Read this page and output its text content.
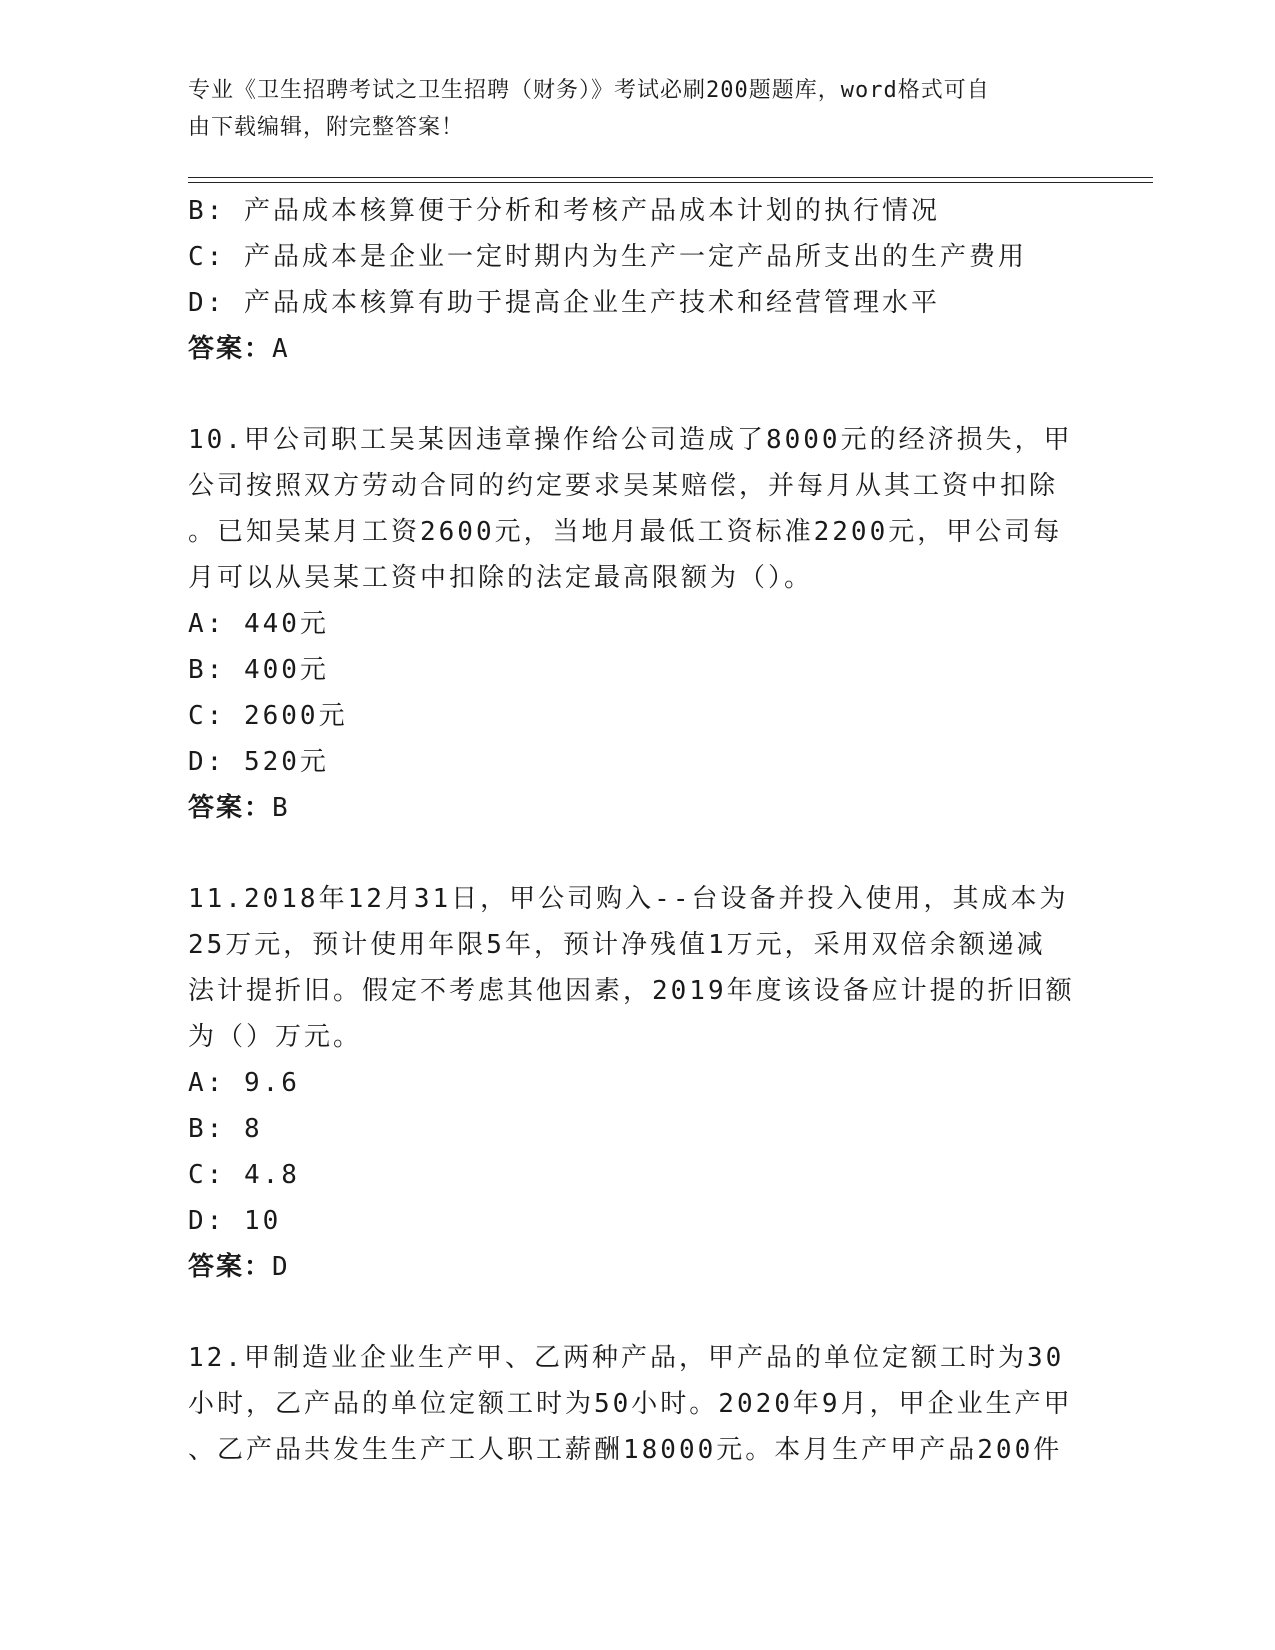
专业《卫生招聘考试之卫生招聘（财务）》考试必刷200题题库，word格式可自
由下载编辑，附完整答案！
B: 产品成本核算便于分析和考核产品成本计划的执行情况
C: 产品成本是企业一定时期内为生产一定产品所支出的生产费用
D: 产品成本核算有助于提高企业生产技术和经营管理水平
答案：A
10.甲公司职工吴某因违章操作给公司造成了8000元的经济损失，甲
公司按照双方劳动合同的约定要求吴某赔偿，并每月从其工资中扣除
。已知吴某月工资2600元，当地月最低工资标准2200元，甲公司每
月可以从吴某工资中扣除的法定最高限额为（）。
A: 440元
B: 400元
C: 2600元
D: 520元
答案：B
11.2018年12月31日，甲公司购入--台设备并投入使用，其成本为
25万元，预计使用年限5年，预计净残值1万元，采用双倍余额递减
法计提折旧。假定不考虑其他因素，2019年度该设备应计提的折旧额
为（）万元。
A: 9.6
B: 8
C: 4.8
D: 10
答案：D
12.甲制造业企业生产甲、乙两种产品，甲产品的单位定额工时为30
小时，乙产品的单位定额工时为50小时。2020年9月，甲企业生产甲
、乙产品共发生生产工人职工薪酬18000元。本月生产甲产品200件
